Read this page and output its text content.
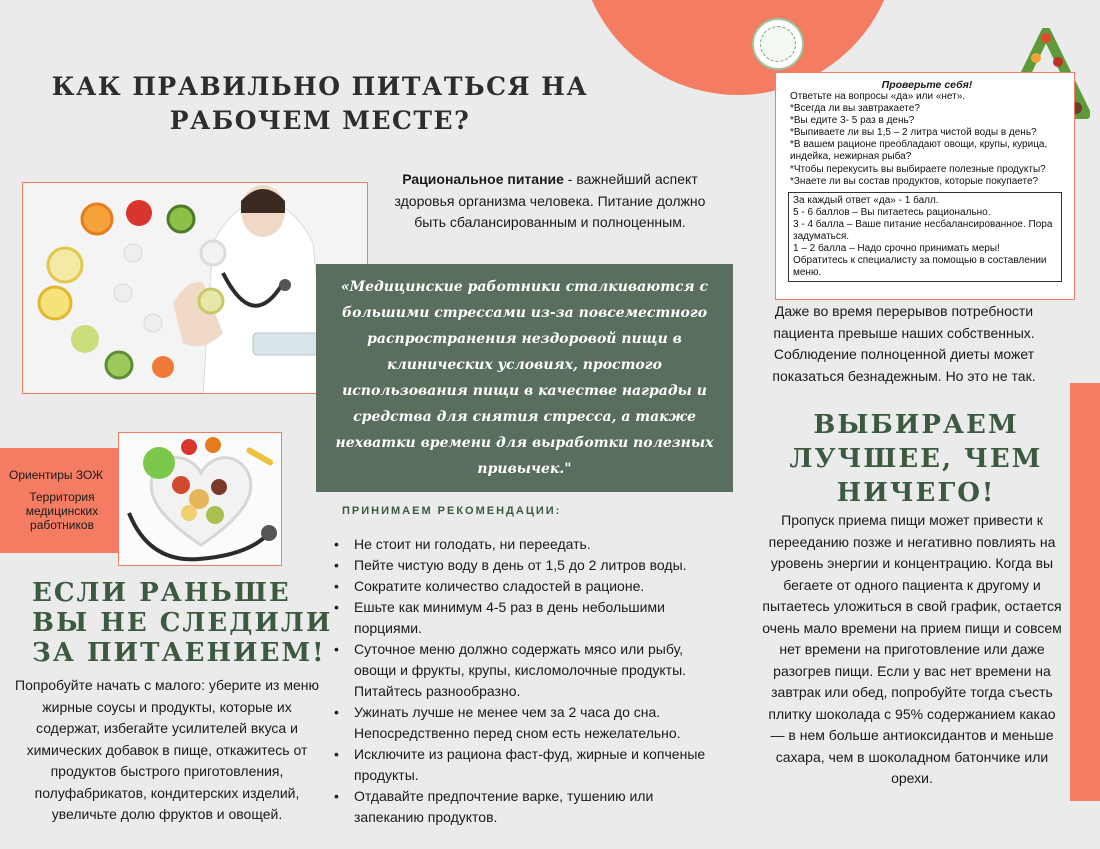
КАК ПРАВИЛЬНО ПИТАТЬСЯ НА РАБОЧЕМ МЕСТЕ?
Рациональное питание - важнейший аспект здоровья организма человека. Питание должно быть сбалансированным и полноценным.

«Медицинские работники сталкиваются с большими стрессами из-за повсеместного распространения нездоровой пищи в клинических условиях, простого использования пищи в качестве награды и средства для снятия стресса, а также нехватки времени для выработки полезных привычек."

Проверьте себя!
Ответьте на вопросы «да» или «нет».
*Всегда ли вы завтракаете?
*Вы едите 3- 5 раз в день?
*Выпиваете ли вы 1,5 – 2 литра чистой воды в день?
*В вашем рационе преобладают овощи, крупы, курица, индейка, нежирная рыба?
*Чтобы перекусить вы выбираете полезные продукты?
*Знаете ли вы состав продуктов, которые покупаете?
За каждый ответ «да» - 1 балл.
5 - 6 баллов – Вы питаетесь рационально.
3 - 4 балла – Ваше питание несбалансированное. Пора задуматься.
1 – 2 балла – Надо срочно принимать меры! Обратитесь к специалисту за помощью в составлении меню.

Даже во время перерывов потребности пациента превыше наших собственных. Соблюдение полноценной диеты может показаться безнадежным. Но это не так.

ВЫБИРАЕМ ЛУЧШЕЕ, ЧЕМ НИЧЕГО!

Пропуск приема пищи может привести к перееданию позже и негативно повлиять на уровень энергии и концентрацию. Когда вы бегаете от одного пациента к другому и пытаетесь уложиться в свой график, остается очень мало времени на прием пищи и совсем нет времени на приготовление или даже разогрев пищи. Если у вас нет времени на завтрак или обед, попробуйте тогда съесть плитку шоколада с 95% содержанием какао — в нем больше антиоксидантов и меньше сахара, чем в шоколадном батончике или орехи.

Ориентиры ЗОЖ
Территория медицинских работников
ЕСЛИ РАНЬШЕ ВЫ НЕ СЛЕДИЛИ ЗА ПИТАЕНИЕМ!

Попробуйте начать с малого: уберите из меню жирные соусы и продукты, которые их содержат, избегайте усилителей вкуса и химических добавок в пище, откажитесь от продуктов быстрого приготовления, полуфабрикатов, кондитерских изделий, увеличьте долю фруктов и овощей.

ПРИНИМАЕМ РЕКОМЕНДАЦИИ:
• Не стоит ни голодать, ни переедать.
• Пейте чистую воду в день от 1,5 до 2 литров воды.
• Сократите количество сладостей в рационе.
• Ешьте как минимум 4-5 раз в день небольшими порциями.
• Суточное меню должно содержать мясо или рыбу, овощи и фрукты, крупы, кисломолочные продукты. Питайтесь разнообразно.
• Ужинать лучше не менее чем за 2 часа до сна. Непосредственно перед сном есть нежелательно.
• Исключите из рациона фаст-фуд, жирные и копченые продукты.
• Отдавайте предпочтение варке, тушению или запеканию продуктов.
